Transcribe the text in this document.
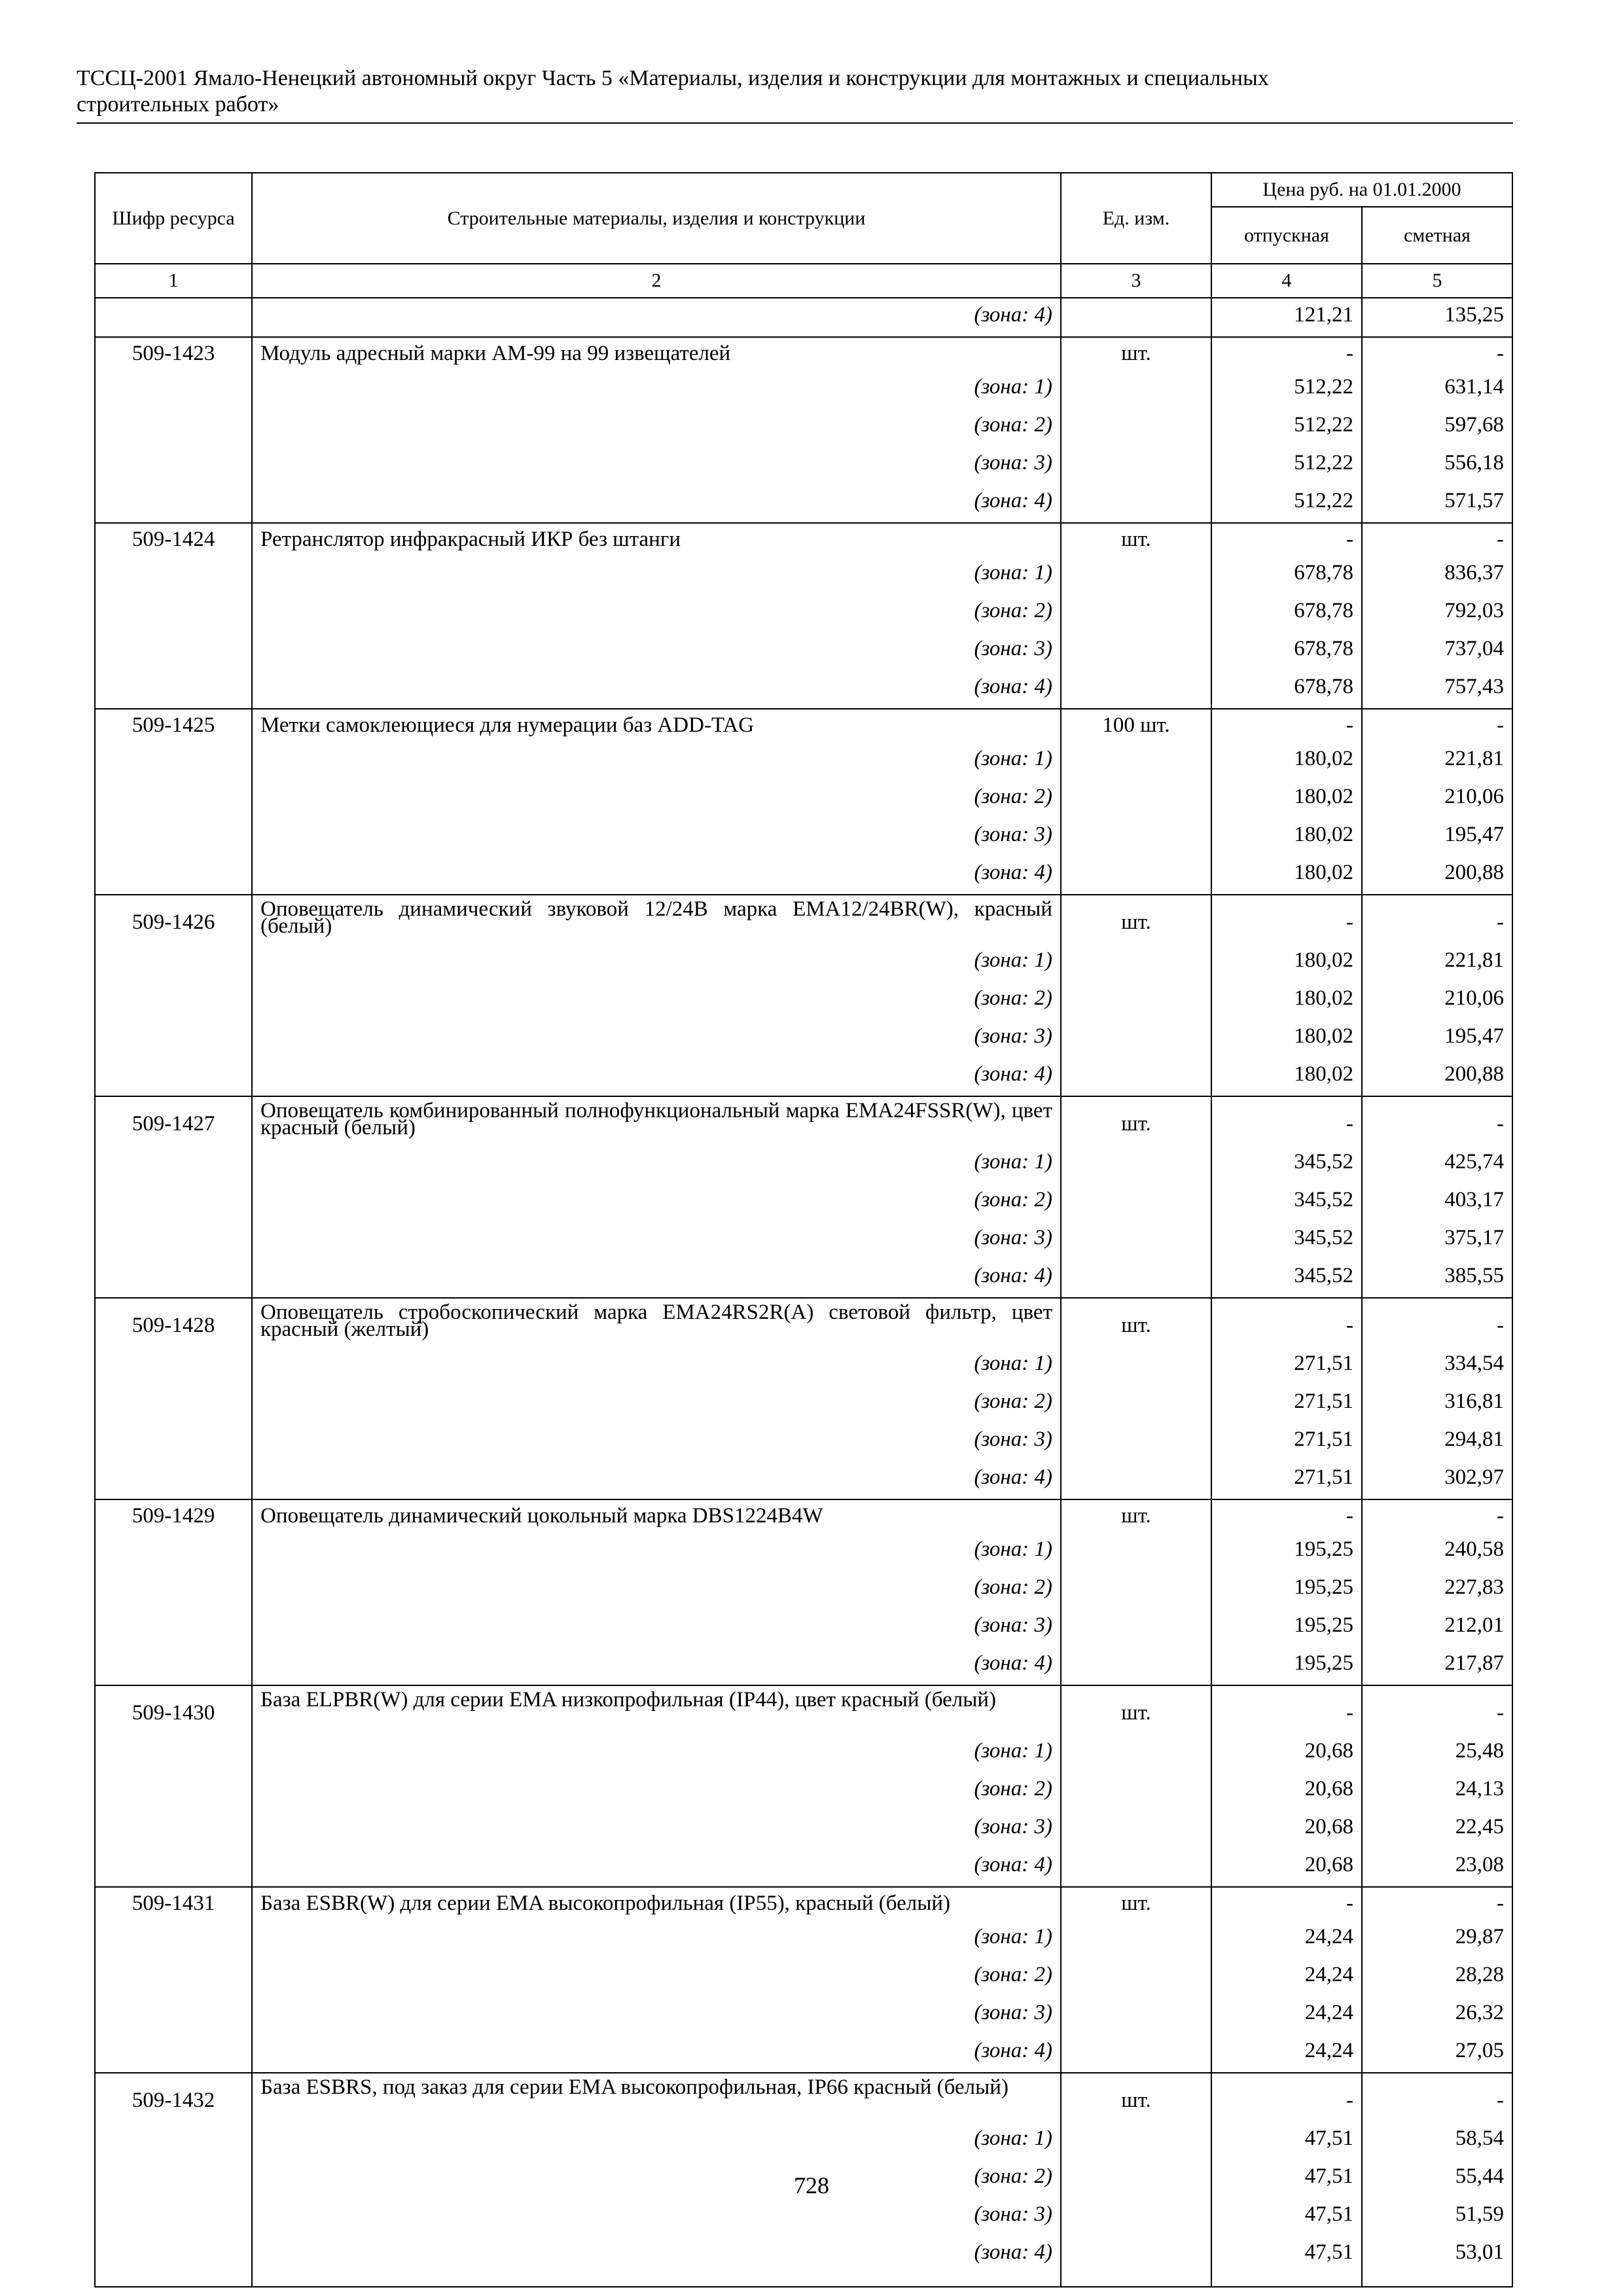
ТССЦ-2001 Ямало-Ненецкий автономный округ Часть 5 «Материалы, изделия и конструкции для монтажных и специальных
строительных работ»
Шифр ресурса	Строительные материалы, изделия и конструкции	Ед. изм.	Цена руб. на 01.01.2000	
			отпускная	сметная
1	2	3	4	5
	(зона: 4)		121,21	135,25
509-1423	Модуль адресный марки АМ-99 на 99 извещателей	шт.	-	-
	(зона: 1)		512,22	631,14
	(зона: 2)		512,22	597,68
	(зона: 3)		512,22	556,18
	(зона: 4)		512,22	571,57
509-1424	Ретранслятор инфракрасный ИКР без штанги	шт.	-	-
	(зона: 1)		678,78	836,37
	(зона: 2)		678,78	792,03
	(зона: 3)		678,78	737,04
	(зона: 4)		678,78	757,43
509-1425	Метки самоклеющиеся для нумерации баз ADD-TAG	100 шт.	-	-
	(зона: 1)		180,02	221,81
	(зона: 2)		180,02	210,06
	(зона: 3)		180,02	195,47
	(зона: 4)		180,02	200,88
509-1426	Оповещатель динамический звуковой 12/24В марка EMA12/24BR(W), красный (белый)	шт.	-	-
	(зона: 1)		180,02	221,81
	(зона: 2)		180,02	210,06
	(зона: 3)		180,02	195,47
	(зона: 4)		180,02	200,88
509-1427	Оповещатель комбинированный полнофункциональный марка EMA24FSSR(W), цвет красный (белый)	шт.	-	-
	(зона: 1)		345,52	425,74
	(зона: 2)		345,52	403,17
	(зона: 3)		345,52	375,17
	(зона: 4)		345,52	385,55
509-1428	Оповещатель стробоскопический марка EMA24RS2R(A) световой фильтр, цвет красный (желтый)	шт.	-	-
	(зона: 1)		271,51	334,54
	(зона: 2)		271,51	316,81
	(зона: 3)		271,51	294,81
	(зона: 4)		271,51	302,97
509-1429	Оповещатель динамический цокольный марка DBS1224B4W	шт.	-	-
	(зона: 1)		195,25	240,58
	(зона: 2)		195,25	227,83
	(зона: 3)		195,25	212,01
	(зона: 4)		195,25	217,87
509-1430	База ELPBR(W) для серии EMA низкопрофильная (IP44), цвет красный (белый)	шт.	-	-
	(зона: 1)		20,68	25,48
	(зона: 2)		20,68	24,13
	(зона: 3)		20,68	22,45
	(зона: 4)		20,68	23,08
509-1431	База ESBR(W) для серии EMA высокопрофильная (IP55), красный (белый)	шт.	-	-
	(зона: 1)		24,24	29,87
	(зона: 2)		24,24	28,28
	(зона: 3)		24,24	26,32
	(зона: 4)		24,24	27,05
509-1432	База ESBRS, под заказ для серии EMA высокопрофильная, IP66 красный (белый)	шт.	-	-
	(зона: 1)		47,51	58,54
	(зона: 2)		47,51	55,44
	(зона: 3)		47,51	51,59
	(зона: 4)		47,51	53,01
728
